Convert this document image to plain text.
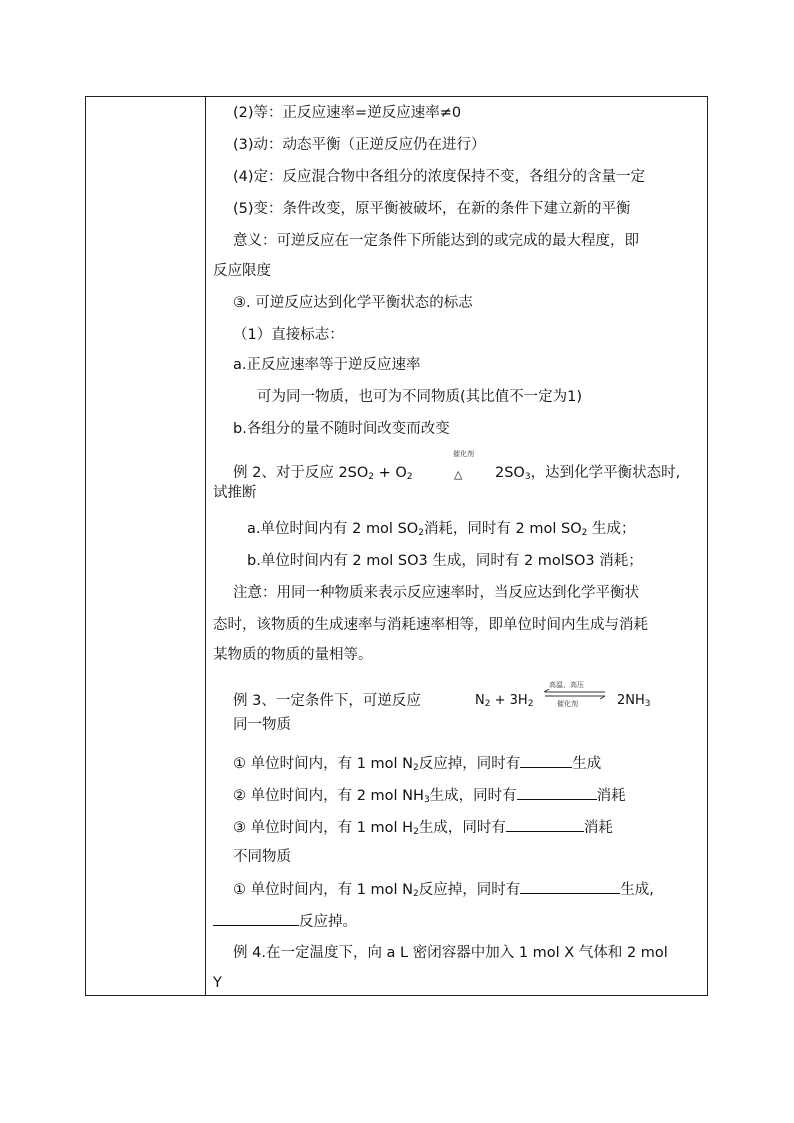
(2)等：正反应速率=逆反应速率≠0
(3)动：动态平衡（正逆反应仍在进行）
(4)定：反应混合物中各组分的浓度保持不变，各组分的含量一定
(5)变：条件改变，原平衡被破坏，在新的条件下建立新的平衡
意义：可逆反应在一定条件下所能达到的或完成的最大程度，即
反应限度
③. 可逆反应达到化学平衡状态的标志
（1）直接标志：
a.正反应速率等于逆反应速率
可为同一物质，也可为不同物质(其比值不一定为1)
b.各组分的量不随时间改变而改变
例 2、对于反应 $2SO_2 + O_2$
催化剂
△ $2SO_3$，达到化学平衡状态时,
试推断
a.单位时间内有 2 mol $SO_2$消耗，同时有 2 mol $SO_2$ 生成；
b.单位时间内有 2 mol SO3 生成，同时有 2 molSO3 消耗；
注意：用同一种物质来表示反应速率时，当反应达到化学平衡状
态时，该物质的生成速率与消耗速率相等，即单位时间内生成与消耗
某物质的物质的量相等。
例 3、一定条件下，可逆反应	$N_2 + 3H_2$
高温、高压
催化剂	$2NH_3$
同一物质
① 单位时间内，有 1 mol $N_2$反应掉，同时有	生成
② 单位时间内，有 2 mol $NH_3$生成，同时有	消耗
③ 单位时间内，有 1 mol $H_2$生成，同时有	消耗
不同物质
① 单位时间内，有 1 mol $N_2$反应掉，同时有	生成,
反应掉。
例 4.在一定温度下，向 a L 密闭容器中加入 1 mol X 气体和 2 mol
Y
